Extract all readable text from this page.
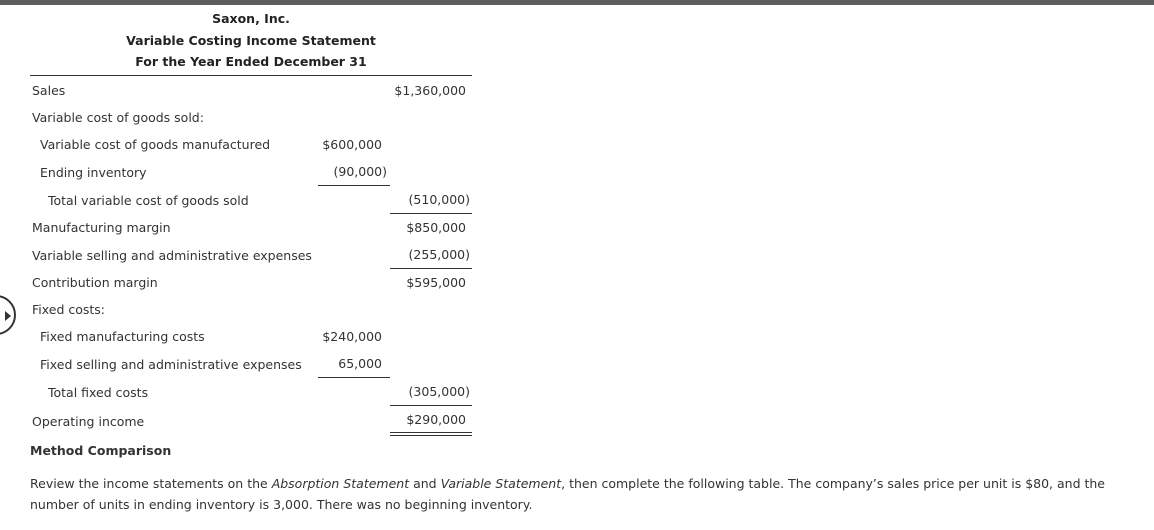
Saxon, Inc.
Variable Costing Income Statement
For the Year Ended December 31
Sales	$1,360,000
Variable cost of goods sold:
Variable cost of goods manufactured	$600,000
Ending inventory	(90,000)
Total variable cost of goods sold	(510,000)
Manufacturing margin	$850,000
Variable selling and administrative expenses	(255,000)
Contribution margin	$595,000
Fixed costs:
Fixed manufacturing costs	$240,000
Fixed selling and administrative expenses	65,000
Total fixed costs	(305,000)
Operating income	$290,000
Method Comparison
Review the income statements on the Absorption Statement and Variable Statement, then complete the following table. The company’s sales price per unit is $80, and the number of units in ending inventory is 3,000. There was no beginning inventory.
